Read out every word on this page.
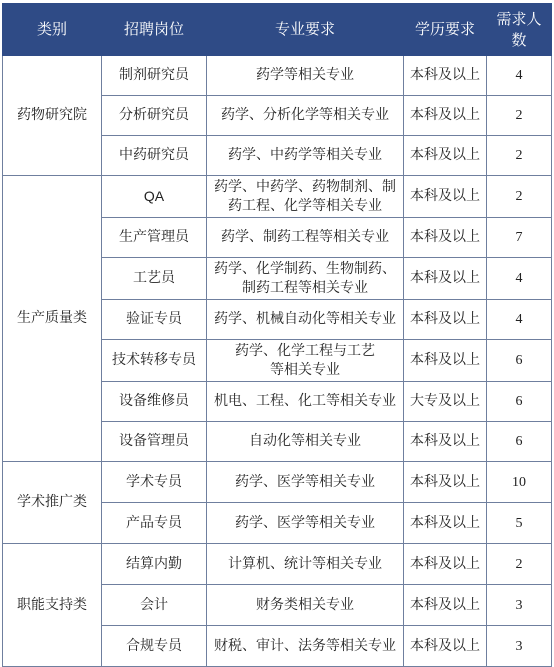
类别	招聘岗位	专业要求	学历要求	需求人
数
药物研究院	制剂研究员	药学等相关专业	本科及以上	4
	分析研究员	药学、分析化学等相关专业	本科及以上	2
	中药研究员	药学、中药学等相关专业	本科及以上	2
生产质量类	QA	药学、中药学、药物制剂、制
药工程、化学等相关专业	本科及以上	2
	生产管理员	药学、制药工程等相关专业	本科及以上	7
	工艺员	药学、化学制药、生物制药、
制药工程等相关专业	本科及以上	4
	验证专员	药学、机械自动化等相关专业	本科及以上	4
	技术转移专员	药学、化学工程与工艺
等相关专业	本科及以上	6
	设备维修员	机电、工程、化工等相关专业	大专及以上	6
	设备管理员	自动化等相关专业	本科及以上	6
学术推广类	学术专员	药学、医学等相关专业	本科及以上	10
	产品专员	药学、医学等相关专业	本科及以上	5
职能支持类	结算内勤	计算机、统计等相关专业	本科及以上	2
	会计	财务类相关专业	本科及以上	3
	合规专员	财税、审计、法务等相关专业	本科及以上	3
